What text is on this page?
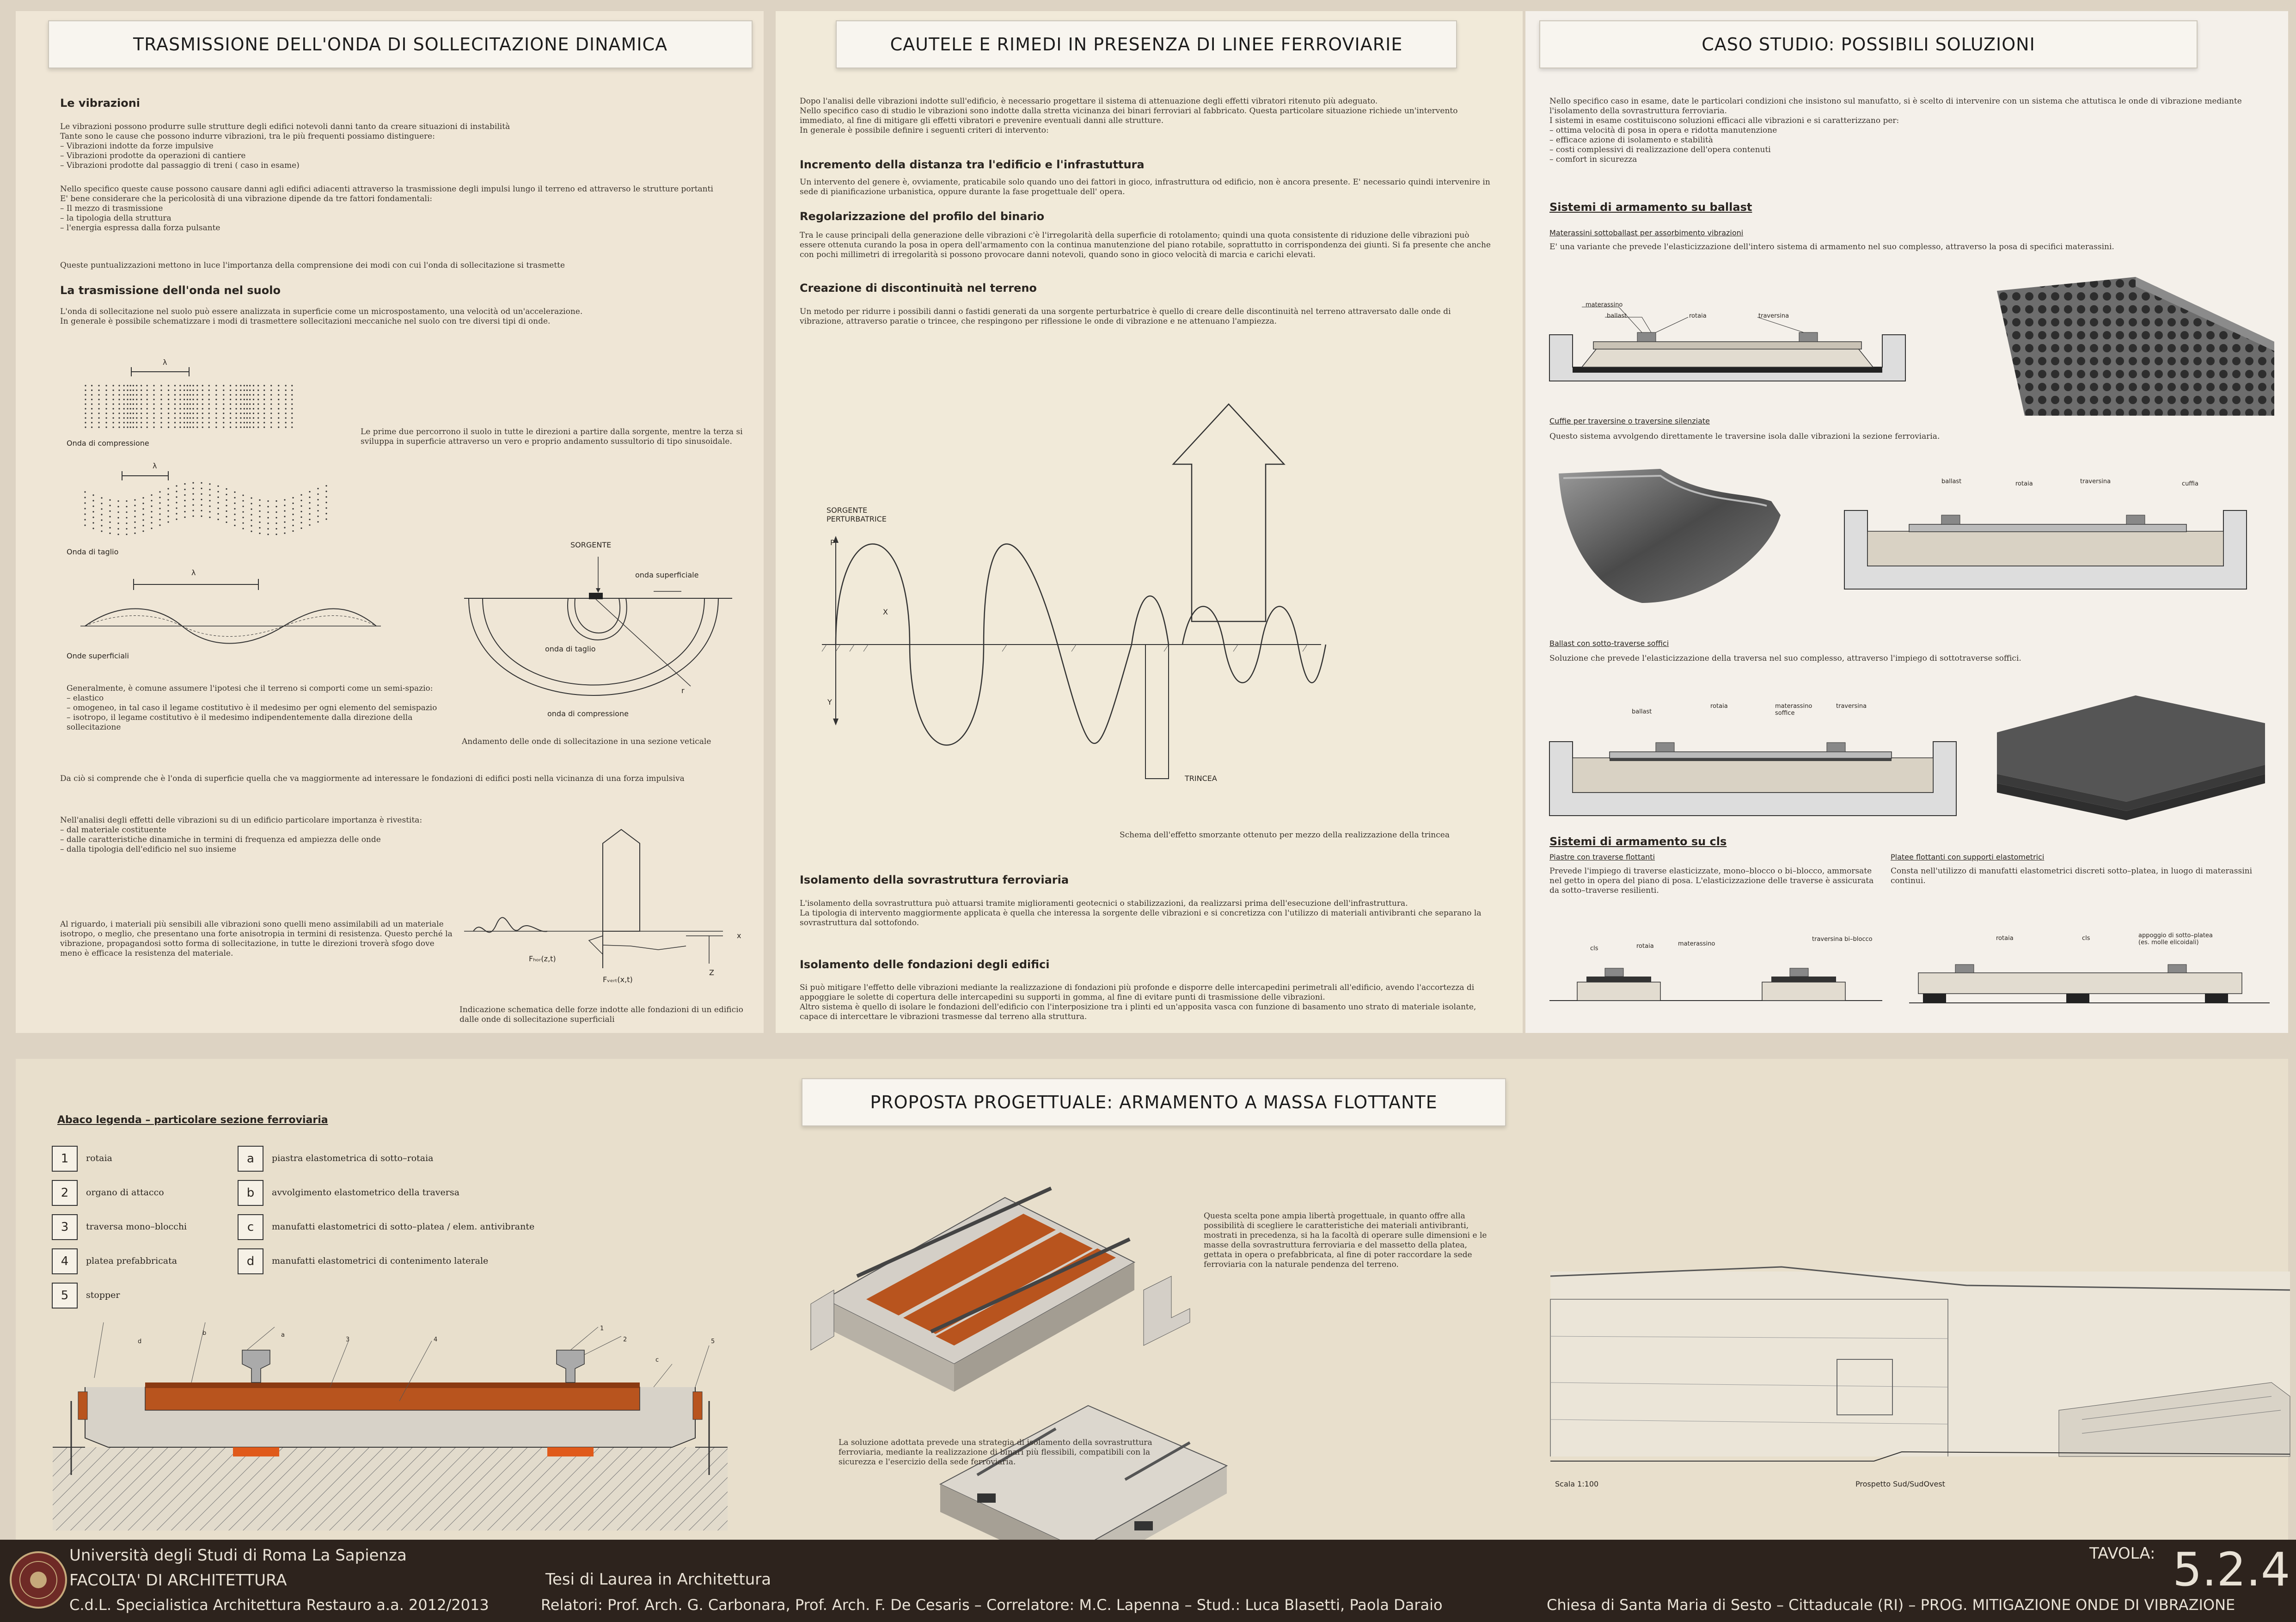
TRASMISSIONE DELL'ONDA DI SOLLECITAZIONE DINAMICA
Le vibrazioni
Le vibrazioni possono produrre sulle strutture degli edifici notevoli danni tanto da creare situazioni di instabilità
Tante sono le cause che possono indurre vibrazioni, tra le più frequenti possiamo distinguere:
– Vibrazioni indotte da forze impulsive
– Vibrazioni prodotte da operazioni di cantiere
– Vibrazioni prodotte dal passaggio di treni ( caso in esame)
Nello specifico queste cause possono causare danni agli edifici adiacenti attraverso la trasmissione degli impulsi lungo il terreno ed attraverso le strutture portanti
E' bene considerare che la pericolosità di una vibrazione dipende da tre fattori fondamentali:
– Il mezzo di trasmissione
– la tipologia della struttura
– l'energia espressa dalla forza pulsante
Queste puntualizzazioni mettono in luce l'importanza della comprensione dei modi con cui l'onda di sollecitazione si trasmette
La trasmissione dell'onda nel suolo
L'onda di sollecitazione nel suolo può essere analizzata in superficie come un microspostamento, una velocità od un'accelerazione.
In generale è possibile schematizzare i modi di trasmettere sollecitazioni meccaniche nel suolo con tre diversi tipi di onde.
λ
Onda di compressione
λ
Onda di taglio
λ
Onde superficiali
Le prime due percorrono il suolo in tutte le direzioni a partire dalla sorgente, mentre la terza si sviluppa in superficie attraverso un vero e proprio andamento sussultorio di tipo sinusoidale.
SORGENTE
onda superficiale
onda di taglio
onda di compressione
r
Andamento delle onde di sollecitazione in una sezione veticale
Generalmente, è comune assumere l'ipotesi che il terreno si comporti come un semi-spazio:
– elastico
– omogeneo, in tal caso il legame costitutivo è il medesimo per ogni elemento del semispazio
– isotropo, il legame costitutivo è il medesimo indipendentemente dalla direzione della sollecitazione
Da ciò si comprende che è l'onda di superficie quella che va maggiormente ad interessare le fondazioni di edifici posti nella vicinanza di una forza impulsiva
Nell'analisi degli effetti delle vibrazioni su di un edificio particolare importanza è rivestita:
– dal materiale costituente
– dalle caratteristiche dinamiche in termini di frequenza ed ampiezza delle onde
– dalla tipologia dell'edificio nel suo insieme
Al riguardo, i materiali più sensibili alle vibrazioni sono quelli meno assimilabili ad un materiale isotropo, o meglio, che presentano una forte anisotropia in termini di resistenza. Questo perché la vibrazione, propagandosi sotto forma di sollecitazione, in tutte le direzioni troverà sfogo dove meno è efficace la resistenza del materiale.
x
Z
Fₕₒᵣ(z,t)
Fᵥₑᵣₜ(x,t)
Indicazione schematica delle forze indotte alle fondazioni di un edificio dalle onde di sollecitazione superficiali
CAUTELE E RIMEDI IN PRESENZA DI LINEE FERROVIARIE
Dopo l'analisi delle vibrazioni indotte sull'edificio, è necessario progettare il sistema di attenuazione degli effetti vibratori ritenuto più adeguato.
Nello specifico caso di studio le vibrazioni sono indotte dalla stretta vicinanza dei binari ferroviari al fabbricato. Questa particolare situazione richiede un'intervento immediato, al fine di mitigare gli effetti vibratori e prevenire eventuali danni alle strutture.
In generale è possibile definire i seguenti criteri di intervento:
Incremento della distanza tra l'edificio e l'infrastuttura
Un intervento del genere è, ovviamente, praticabile solo quando uno dei fattori in gioco, infrastruttura od edificio, non è ancora presente. E' necessario quindi intervenire in sede di pianificazione urbanistica, oppure durante la fase progettuale dell' opera.
Regolarizzazione del profilo del binario
Tra le cause principali della generazione delle vibrazioni c'è l'irregolarità della superficie di rotolamento; quindi una quota consistente di riduzione delle vibrazioni può essere ottenuta curando la posa in opera dell'armamento con la continua manutenzione del piano rotabile, soprattutto in corrispondenza dei giunti. Si fa presente che anche con pochi millimetri di irregolarità si possono provocare danni notevoli, quando sono in gioco velocità di marcia e carichi elevati.
Creazione di discontinuità nel terreno
Un metodo per ridurre i possibili danni o fastidi generati da una sorgente perturbatrice è quello di creare delle discontinuità nel terreno attraversato dalle onde di vibrazione, attraverso paratie o trincee, che respingono per riflessione le onde di vibrazione e ne attenuano l'ampiezza.
SORGENTE PERTURBATRICE
P
X
Y
TRINCEA
Schema dell'effetto smorzante ottenuto per mezzo della realizzazione della trincea
Isolamento della sovrastruttura ferroviaria
L'isolamento della sovrastruttura può attuarsi tramite miglioramenti geotecnici o stabilizzazioni, da realizzarsi prima dell'esecuzione dell'infrastruttura.
La tipologia di intervento maggiormente applicata è quella che interessa la sorgente delle vibrazioni e si concretizza con l'utilizzo di materiali antivibranti che separano la sovrastruttura dal sottofondo.
Isolamento delle fondazioni degli edifici
Si può mitigare l'effetto delle vibrazioni mediante la realizzazione di fondazioni più profonde e disporre delle intercapedini perimetrali all'edificio, avendo l'accortezza di appoggiare le solette di copertura delle intercapedini su supporti in gomma, al fine di evitare punti di trasmissione delle vibrazioni.
Altro sistema è quello di isolare le fondazioni dell'edificio con l'interposizione tra i plinti ed un'apposita vasca con funzione di basamento uno strato di materiale isolante, capace di intercettare le vibrazioni trasmesse dal terreno alla struttura.
CASO STUDIO: POSSIBILI SOLUZIONI
Nello specifico caso in esame, date le particolari condizioni che insistono sul manufatto, si è scelto di intervenire con un sistema che attutisca le onde di vibrazione mediante l'isolamento della sovrastruttura ferroviaria.
I sistemi in esame costituiscono soluzioni efficaci alle vibrazioni e si caratterizzano per:
– ottima velocità di posa in opera e ridotta manutenzione
– efficace azione di isolamento e stabilità
– costi complessivi di realizzazione dell'opera contenuti
– comfort in sicurezza
Sistemi di armamento su ballast
Materassini sottoballast per assorbimento vibrazioni
E' una variante che prevede l'elasticizzazione dell'intero sistema di armamento nel suo complesso, attraverso la posa di specifici materassini.
materassino
ballast	rotaia	traversina
Cuffie per traversine o traversine silenziate
Questo sistema avvolgendo direttamente le traversine isola dalle vibrazioni la sezione ferroviaria.
ballast	rotaia	traversina	cuffia
Ballast con sotto-traverse soffici
Soluzione che prevede l'elasticizzazione della traversa nel suo complesso, attraverso l'impiego di sottotraverse soffici.
ballast
rotaia	materassino soffice
traversina
Sistemi di armamento su cls
Piastre con traverse flottanti
Prevede l'impiego di traverse elasticizzate, mono–blocco o bi–blocco, ammorsate nel getto in opera del piano di posa. L'elasticizzazione delle traverse è assicurata da sotto–traverse resilienti.
Platee flottanti con supporti elastometrici
Consta nell'utilizzo di manufatti elastometrici discreti sotto–platea, in luogo di materassini continui.
cls	rotaia	materassino
traversina bi–blocco	rotaia	cls	appoggio di sotto–platea (es. molle elicoidali)
PROPOSTA PROGETTUALE: ARMAMENTO A MASSA FLOTTANTE
Abaco legenda – particolare sezione ferroviaria
1	rotaia
2	organo di attacco
3	traversa mono–blocchi
4	platea prefabbricata
5	stopper
a	piastra elastometrica di sotto–rotaia
b	avvolgimento elastometrico della traversa
c	manufatti elastometrici di sotto–platea / elem. antivibrante
d	manufatti elastometrici di contenimento laterale
d
b	a
3	4
1
2
c
5
Questa scelta pone ampia libertà progettuale, in quanto offre alla possibilità di scegliere le caratteristiche dei materiali antivibranti, mostrati in precedenza, si ha la facoltà di operare sulle dimensioni e le masse della sovrastruttura ferroviaria e del massetto della platea, gettata in opera o prefabbricata, al fine di poter raccordare la sede ferroviaria con la naturale pendenza del terreno.
La soluzione adottata prevede una strategia di isolamento della sovrastruttura ferroviaria, mediante la realizzazione di binari più flessibili, compatibili con la sicurezza e l'esercizio della sede ferroviaria.
Scala 1:100	Prospetto Sud/SudOvest
Università degli Studi di Roma La Sapienza
FACOLTA' DI ARCHITETTURA
C.d.L. Specialistica Architettura Restauro a.a. 2012/2013
Tesi di Laurea in Architettura
Relatori: Prof. Arch. G. Carbonara, Prof. Arch. F. De Cesaris – Correlatore: M.C. Lapenna – Stud.: Luca Blasetti, Paola Daraio	Chiesa di Santa Maria di Sesto – Cittaducale (RI) – PROG. MITIGAZIONE ONDE DI VIBRAZIONE
TAVOLA: 5.2.4
